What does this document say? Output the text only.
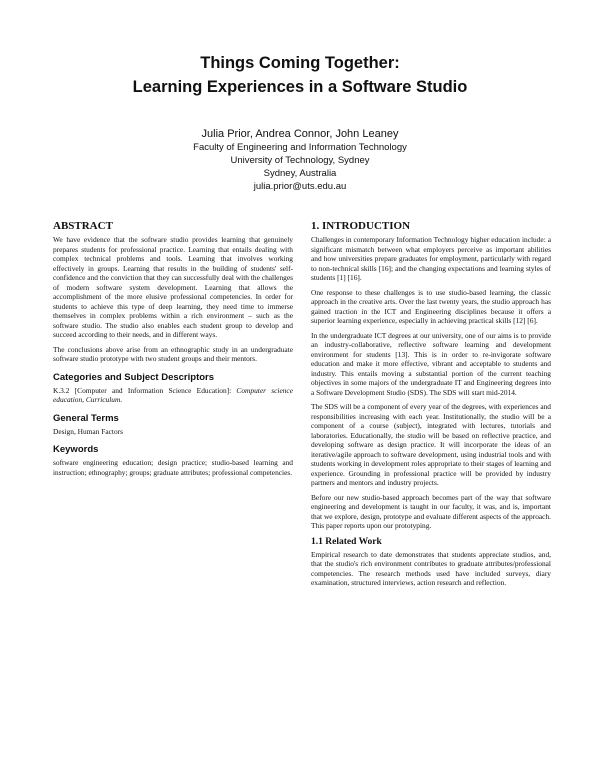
Things Coming Together:
Learning Experiences in a Software Studio
Julia Prior, Andrea Connor, John Leaney
Faculty of Engineering and Information Technology
University of Technology, Sydney
Sydney, Australia
julia.prior@uts.edu.au
ABSTRACT

We have evidence that the software studio provides learning that genuinely prepares students for professional practice. Learning that entails dealing with complex technical problems and tools. Learning that involves working effectively in groups. Learning that results in the building of students' self-confidence and the conviction that they can successfully deal with the challenges of modern software system development. Learning that allows the accomplishment of the more elusive professional competencies. In order for students to achieve this type of deep learning, they need time to immerse themselves in complex problems within a rich environment – such as the software studio. The studio also enables each student group to develop and succeed according to their needs, and in different ways.

The conclusions above arise from an ethnographic study in an undergraduate software studio prototype with two student groups and their mentors.

Categories and Subject Descriptors

K.3.2 [Computer and Information Science Education]: Computer science education, Curriculum.

General Terms

Design, Human Factors

Keywords

software engineering education; design practice; studio-based learning and instruction; ethnography; groups; graduate attributes; professional competencies.

1. INTRODUCTION

Challenges in contemporary Information Technology higher education include: a significant mismatch between what employers perceive as important abilities and how universities prepare graduates for employment, particularly with regard to non-technical skills [16]; and the changing expectations and learning styles of students [1] [16].

One response to these challenges is to use studio-based learning, the classic approach in the creative arts. Over the last twenty years, the studio approach has gained traction in the ICT and Engineering disciplines because it offers a superior learning experience, especially in achieving practical skills [12] [6].

In the undergraduate ICT degrees at our university, one of our aims is to provide an industry-collaborative, reflective software learning and development environment for students [13]. This is in order to re-invigorate software education and make it more effective, vibrant and acceptable to students and industry. This entails moving a substantial portion of the current teaching objectives in some majors of the undergraduate IT and Engineering degrees into a Software Development Studio (SDS). The SDS will start mid-2014.

The SDS will be a component of every year of the degrees, with experiences and responsibilities increasing with each year. Institutionally, the studio will be a component of a course (subject), integrated with lectures, tutorials and laboratories. Educationally, the studio will be based on reflective practice, and developing software as design practice. It will incorporate the ideas of an iterative/agile approach to software development, using industrial tools and with students working in development roles appropriate to their stages of learning and experience. Grounding in professional practice will be provided by industry partners and mentors and industry projects.

Before our new studio-based approach becomes part of the way that software engineering and development is taught in our faculty, it was, and is, important that we explore, design, prototype and evaluate different aspects of the approach. This paper reports upon our prototyping.

1.1 Related Work

Empirical research to date demonstrates that students appreciate studios, and, that the studio's rich environment contributes to graduate attributes/professional competencies. The research methods used have included surveys, diary examination, structured interviews, action research and reflection.
